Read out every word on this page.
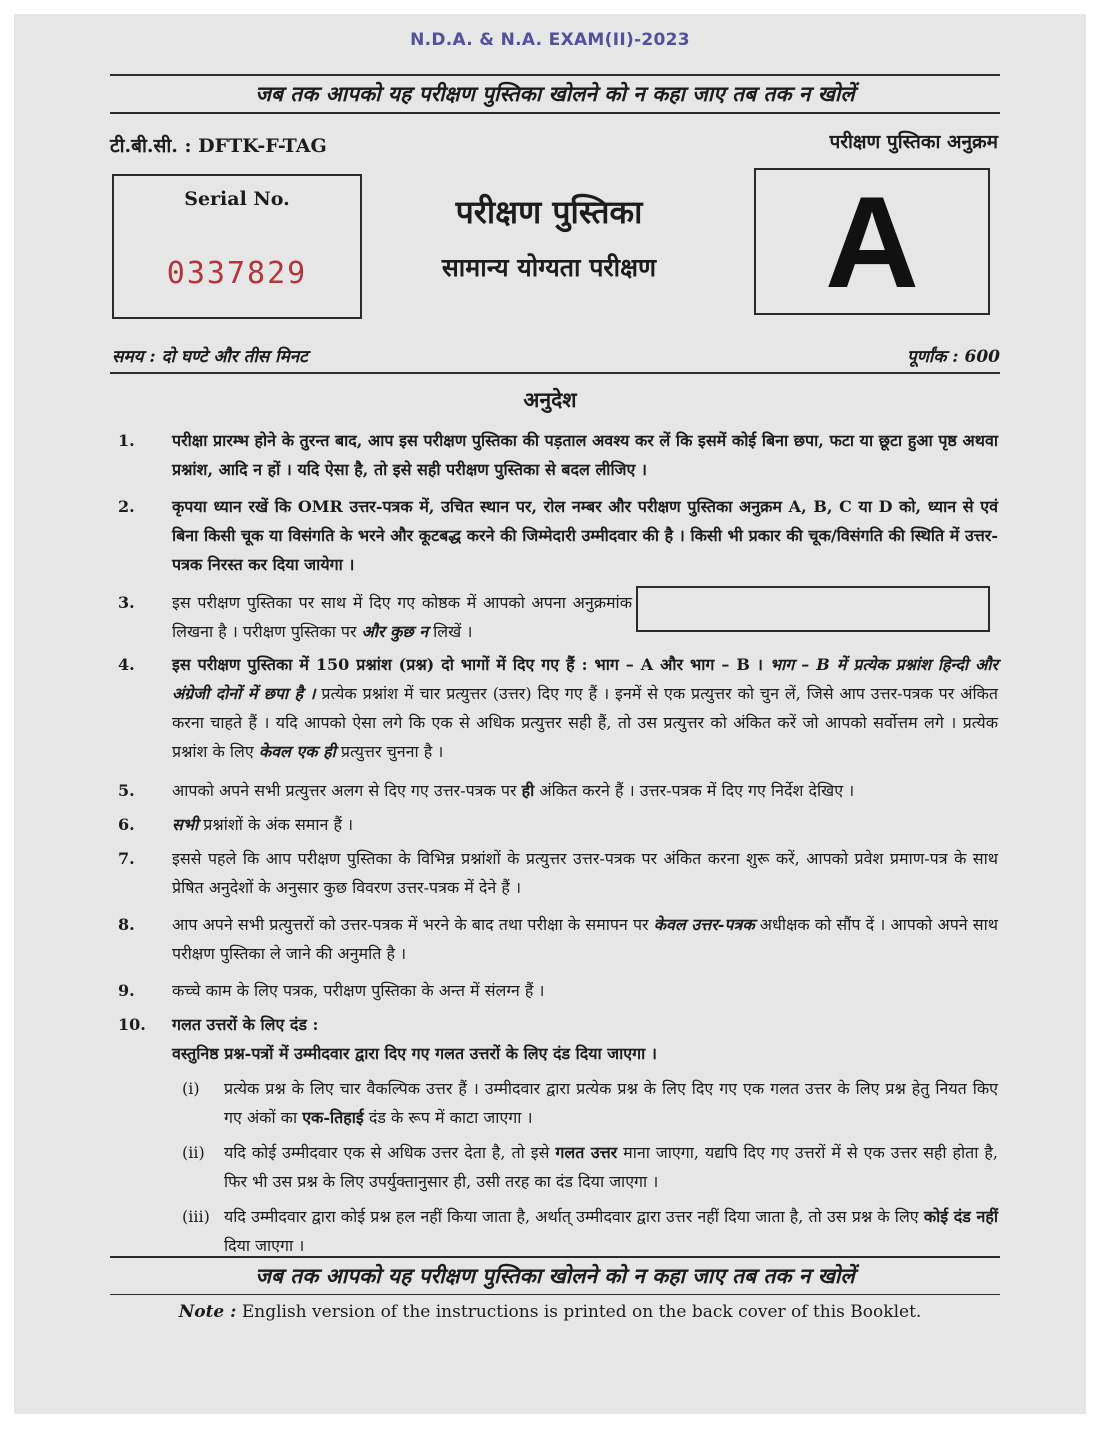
N.D.A. & N.A. EXAM(II)-2023
जब तक आपको यह परीक्षण पुस्तिका खोलने को न कहा जाए तब तक न खोलें
टी.बी.सी. : DFTK-F-TAG	परीक्षण पुस्तिका अनुक्रम
Serial No.
0337829
परीक्षण पुस्तिका
सामान्य योग्यता परीक्षण	A
समय : दो घण्टे और तीस मिनट	पूर्णांक : 600
अनुदेश
1.	परीक्षा प्रारम्भ होने के तुरन्त बाद, आप इस परीक्षण पुस्तिका की पड़ताल अवश्य कर लें कि इसमें कोई बिना छपा, फटा या छूटा हुआ पृष्ठ अथवा प्रश्नांश, आदि न हों । यदि ऐसा है, तो इसे सही परीक्षण पुस्तिका से बदल लीजिए ।
2.	कृपया ध्यान रखें कि OMR उत्तर-पत्रक में, उचित स्थान पर, रोल नम्बर और परीक्षण पुस्तिका अनुक्रम A, B, C या D को, ध्यान से एवं बिना किसी चूक या विसंगति के भरने और कूटबद्ध करने की जिम्मेदारी उम्मीदवार की है । किसी भी प्रकार की चूक/विसंगति की स्थिति में उत्तर-पत्रक निरस्त कर दिया जायेगा ।
3.	इस परीक्षण पुस्तिका पर साथ में दिए गए कोष्ठक में आपको अपना अनुक्रमांक लिखना है । परीक्षण पुस्तिका पर और कुछ न लिखें ।
4.	इस परीक्षण पुस्तिका में 150 प्रश्नांश (प्रश्न) दो भागों में दिए गए हैं : भाग – A और भाग – B । भाग – B में प्रत्येक प्रश्नांश हिन्दी और अंग्रेजी दोनों में छपा है । प्रत्येक प्रश्नांश में चार प्रत्युत्तर (उत्तर) दिए गए हैं । इनमें से एक प्रत्युत्तर को चुन लें, जिसे आप उत्तर-पत्रक पर अंकित करना चाहते हैं । यदि आपको ऐसा लगे कि एक से अधिक प्रत्युत्तर सही हैं, तो उस प्रत्युत्तर को अंकित करें जो आपको सर्वोत्तम लगे । प्रत्येक प्रश्नांश के लिए केवल एक ही प्रत्युत्तर चुनना है ।
5.	आपको अपने सभी प्रत्युत्तर अलग से दिए गए उत्तर-पत्रक पर ही अंकित करने हैं । उत्तर-पत्रक में दिए गए निर्देश देखिए ।
6.	सभी प्रश्नांशों के अंक समान हैं ।
7.	इससे पहले कि आप परीक्षण पुस्तिका के विभिन्न प्रश्नांशों के प्रत्युत्तर उत्तर-पत्रक पर अंकित करना शुरू करें, आपको प्रवेश प्रमाण-पत्र के साथ प्रेषित अनुदेशों के अनुसार कुछ विवरण उत्तर-पत्रक में देने हैं ।
8.	आप अपने सभी प्रत्युत्तरों को उत्तर-पत्रक में भरने के बाद तथा परीक्षा के समापन पर केवल उत्तर-पत्रक अधीक्षक को सौंप दें । आपको अपने साथ परीक्षण पुस्तिका ले जाने की अनुमति है ।
9.	कच्चे काम के लिए पत्रक, परीक्षण पुस्तिका के अन्त में संलग्न हैं ।
10.	गलत उत्तरों के लिए दंड :
वस्तुनिष्ठ प्रश्न-पत्रों में उम्मीदवार द्वारा दिए गए गलत उत्तरों के लिए दंड दिया जाएगा ।
(i)	प्रत्येक प्रश्न के लिए चार वैकल्पिक उत्तर हैं । उम्मीदवार द्वारा प्रत्येक प्रश्न के लिए दिए गए एक गलत उत्तर के लिए प्रश्न हेतु नियत किए गए अंकों का एक-तिहाई दंड के रूप में काटा जाएगा ।
(ii)	यदि कोई उम्मीदवार एक से अधिक उत्तर देता है, तो इसे गलत उत्तर माना जाएगा, यद्यपि दिए गए उत्तरों में से एक उत्तर सही होता है, फिर भी उस प्रश्न के लिए उपर्युक्तानुसार ही, उसी तरह का दंड दिया जाएगा ।
(iii) यदि उम्मीदवार द्वारा कोई प्रश्न हल नहीं किया जाता है, अर्थात् उम्मीदवार द्वारा उत्तर नहीं दिया जाता है, तो उस प्रश्न के लिए कोई दंड नहीं दिया जाएगा ।
जब तक आपको यह परीक्षण पुस्तिका खोलने को न कहा जाए तब तक न खोलें
Note : English version of the instructions is printed on the back cover of this Booklet.
